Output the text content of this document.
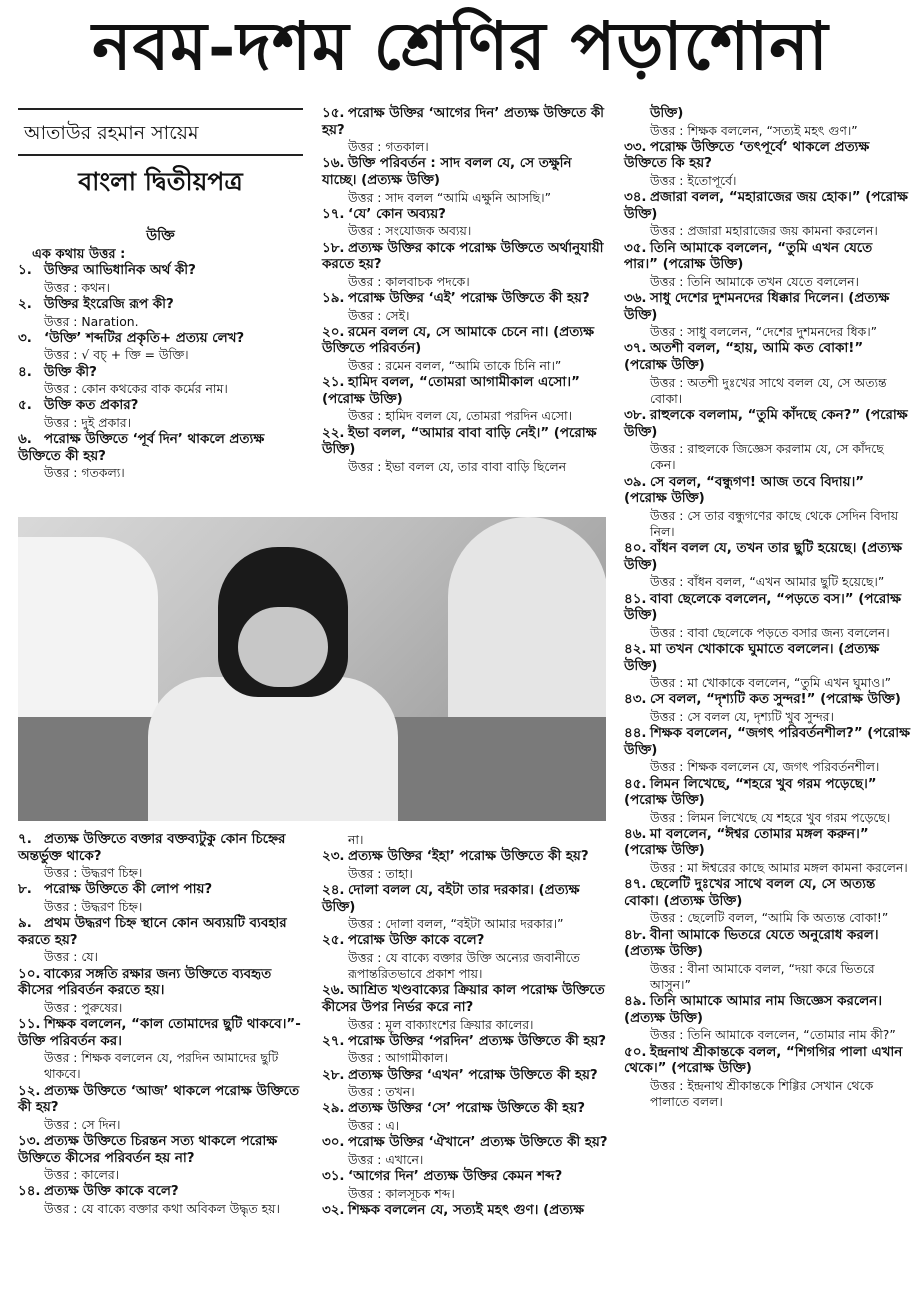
নবম-দশম শ্রেণির পড়াশোনা
আতাউর রহমান সায়েম
বাংলা দ্বিতীয়পত্র
উক্তি
এক কথায় উত্তর :
১. উক্তির আভিধানিক অর্থ কী?
উত্তর : কথন।
২. উক্তির ইংরেজি রূপ কী?
উত্তর : Naration.
৩. ‘উক্তি’ শব্দটির প্রকৃতি+ প্রত্যয় লেখ?
উত্তর : √ বচ্ + ক্তি = উক্তি।
৪. উক্তি কী?
উত্তর : কোন কথকের বাক কর্মের নাম।
৫. উক্তি কত প্রকার?
উত্তর : দুই প্রকার।
৬. পরোক্ষ উক্তিতে ‘পূর্ব দিন’ থাকলে প্রত্যক্ষ উক্তিতে কী হয়?
উত্তর : গতকল্য।
১৫. পরোক্ষ উক্তির ‘আগের দিন’ প্রত্যক্ষ উক্তিতে কী হয়?
উত্তর : গতকাল।
১৬. উক্তি পরিবর্তন : সাদ বলল যে, সে তক্ষুনি যাচ্ছে। (প্রত্যক্ষ উক্তি)
উত্তর : সাদ বলল “আমি এক্ষুনি আসছি।”
১৭. ‘যে’ কোন অব্যয়?
উত্তর : সংযোজক অব্যয়।
১৮. প্রত্যক্ষ উক্তির কাকে পরোক্ষ উক্তিতে অর্থানুযায়ী করতে হয়?
উত্তর : কালবাচক পদকে।
১৯. পরোক্ষ উক্তির ‘এই’ পরোক্ষ উক্তিতে কী হয়?
উত্তর : সেই।
২০. রমেন বলল যে, সে আমাকে চেনে না। (প্রত্যক্ষ উক্তিতে পরিবর্তন)
উত্তর : রমেন বলল, “আমি তাকে চিনি না।”
২১. হামিদ বলল, “তোমরা আগামীকাল এসো।” (পরোক্ষ উক্তি)
উত্তর : হামিদ বলল যে, তোমরা পরদিন এসো।
২২. ইভা বলল, “আমার বাবা বাড়ি নেই।” (পরোক্ষ উক্তি)
উত্তর : ইভা বলল যে, তার বাবা বাড়ি ছিলেন
উক্তি)
উত্তর : শিক্ষক বললেন, “সত্যই মহৎ গুণ।”
৩৩. পরোক্ষ উক্তিতে ‘তৎপূর্বে’ থাকলে প্রত্যক্ষ উক্তিতে কি হয়?
উত্তর : ইতোপূর্বে।
৩৪. প্রজারা বলল, “মহারাজের জয় হোক।” (পরোক্ষ উক্তি)
উত্তর : প্রজারা মহারাজের জয় কামনা করলেন।
৩৫. তিনি আমাকে বললেন, “তুমি এখন যেতে পার।” (পরোক্ষ উক্তি)
উত্তর : তিনি আমাকে তখন যেতে বললেন।
৩৬. সাধু দেশের দুশমনদের ধিক্কার দিলেন। (প্রত্যক্ষ উক্তি)
উত্তর : সাধু বললেন, “দেশের দুশমনদের ধিক।”
৩৭. অতশী বলল, “হায়, আমি কত বোকা!” (পরোক্ষ উক্তি)
উত্তর : অতশী দুঃখের সাথে বলল যে, সে অত্যন্ত বোকা।
৩৮. রাহুলকে বললাম, “তুমি কাঁদছে কেন?” (পরোক্ষ উক্তি)
উত্তর : রাহুলকে জিজ্ঞেস করলাম যে, সে কাঁদছে কেন।
৩৯. সে বলল, “বন্ধুগণ! আজ তবে বিদায়।” (পরোক্ষ উক্তি)
উত্তর : সে তার বন্ধুগণের কাছে থেকে সেদিন বিদায় নিল।
৪০. বাঁধন বলল যে, তখন তার ছুটি হয়েছে। (প্রত্যক্ষ উক্তি)
উত্তর : বাঁধন বলল, “এখন আমার ছুটি হয়েছে।”
৪১. বাবা ছেলেকে বললেন, “পড়তে বস।” (পরোক্ষ উক্তি)
উত্তর : বাবা ছেলেকে পড়তে বসার জন্য বললেন।
৪২. মা তখন খোকাকে ঘুমাতে বললেন। (প্রত্যক্ষ উক্তি)
উত্তর : মা খোকাকে বললেন, “তুমি এখন ঘুমাও।”
৪৩. সে বলল, “দৃশ্যটি কত সুন্দর!” (পরোক্ষ উক্তি)
উত্তর : সে বলল যে, দৃশ্যটি খুব সুন্দর।
৪৪. শিক্ষক বললেন, “জগৎ পরিবর্তনশীল?” (পরোক্ষ উক্তি)
উত্তর : শিক্ষক বললেন যে, জগৎ পরিবর্তনশীল।
৪৫. লিমন লিখেছে, “শহরে খুব গরম পড়েছে।” (পরোক্ষ উক্তি)
উত্তর : লিমন লিখেছে যে শহরে খুব গরম পড়েছে।
৪৬. মা বললেন, “ঈশ্বর তোমার মঙ্গল করুন।” (পরোক্ষ উক্তি)
উত্তর : মা ঈশ্বরের কাছে আমার মঙ্গল কামনা করলেন।
৪৭. ছেলেটি দুঃখের সাথে বলল যে, সে অত্যন্ত বোকা। (প্রত্যক্ষ উক্তি)
উত্তর : ছেলেটি বলল, “আমি কি অত্যন্ত বোকা!”
৪৮. বীনা আমাকে ভিতরে যেতে অনুরোধ করল। (প্রত্যক্ষ উক্তি)
উত্তর : বীনা আমাকে বলল, “দয়া করে ভিতরে আসুন।”
৪৯. তিনি আমাকে আমার নাম জিজ্ঞেস করলেন। (প্রত্যক্ষ উক্তি)
উত্তর : তিনি আমাকে বললেন, “তোমার নাম কী?”
৫০. ইন্দ্রনাথ শ্রীকান্তকে বলল, “শিগগির পালা এখান থেকে।” (পরোক্ষ উক্তি)
উত্তর : ইন্দ্রনাথ শ্রীকান্তকে শিগ্গির সেখান থেকে পালাতে বলল।
৭. প্রত্যক্ষ উক্তিতে বক্তার বক্তব্যটুকু কোন চিহ্নের অন্তর্ভুক্ত থাকে?
উত্তর : উদ্ধরণ চিহ্ন।
৮. পরোক্ষ উক্তিতে কী লোপ পায়?
উত্তর : উদ্ধরণ চিহ্ন।
৯. প্রথম উদ্ধরণ চিহ্ন স্থানে কোন অব্যয়টি ব্যবহার করতে হয়?
উত্তর : যে।
১০. বাক্যের সঙ্গতি রক্ষার জন্য উক্তিতে ব্যবহৃত কীসের পরিবর্তন করতে হয়।
উত্তর : পুরুষের।
১১. শিক্ষক বললেন, “কাল তোমাদের ছুটি থাকবে।”- উক্তি পরিবর্তন কর।
উত্তর : শিক্ষক বললেন যে, পরদিন আমাদের ছুটি থাকবে।
১২. প্রত্যক্ষ উক্তিতে ‘আজ’ থাকলে পরোক্ষ উক্তিতে কী হয়?
উত্তর : সে দিন।
১৩. প্রত্যক্ষ উক্তিতে চিরন্তন সত্য থাকলে পরোক্ষ উক্তিতে কীসের পরিবর্তন হয় না?
উত্তর : কালের।
১৪. প্রত্যক্ষ উক্তি কাকে বলে?
উত্তর : যে বাক্যে বক্তার কথা অবিকল উদ্ধৃত হয়।
না।
২৩. প্রত্যক্ষ উক্তির ‘ইহা’ পরোক্ষ উক্তিতে কী হয়?
উত্তর : তাহা।
২৪. দোলা বলল যে, বইটা তার দরকার। (প্রত্যক্ষ উক্তি)
উত্তর : দোলা বলল, “বইটা আমার দরকার।”
২৫. পরোক্ষ উক্তি কাকে বলে?
উত্তর : যে বাক্যে বক্তার উক্তি অন্যের জবানীতে রূপান্তরিতভাবে প্রকাশ পায়।
২৬. আশ্রিত খণ্ডবাক্যের ক্রিয়ার কাল পরোক্ষ উক্তিতে কীসের উপর নির্ভর করে না?
উত্তর : মূল বাক্যাংশের ক্রিয়ার কালের।
২৭. পরোক্ষ উক্তির ‘পরদিন’ প্রত্যক্ষ উক্তিতে কী হয়?
উত্তর : আগামীকাল।
২৮. প্রত্যক্ষ উক্তির ‘এখন’ পরোক্ষ উক্তিতে কী হয়?
উত্তর : তখন।
২৯. প্রত্যক্ষ উক্তির ‘সে’ পরোক্ষ উক্তিতে কী হয়?
উত্তর : এ।
৩০. পরোক্ষ উক্তির ‘ঐখানে’ প্রত্যক্ষ উক্তিতে কী হয়?
উত্তর : এখানে।
৩১. ‘আগের দিন’ প্রত্যক্ষ উক্তির কেমন শব্দ?
উত্তর : কালসূচক শব্দ।
৩২. শিক্ষক বললেন যে, সত্যই মহৎ গুণ। (প্রত্যক্ষ
